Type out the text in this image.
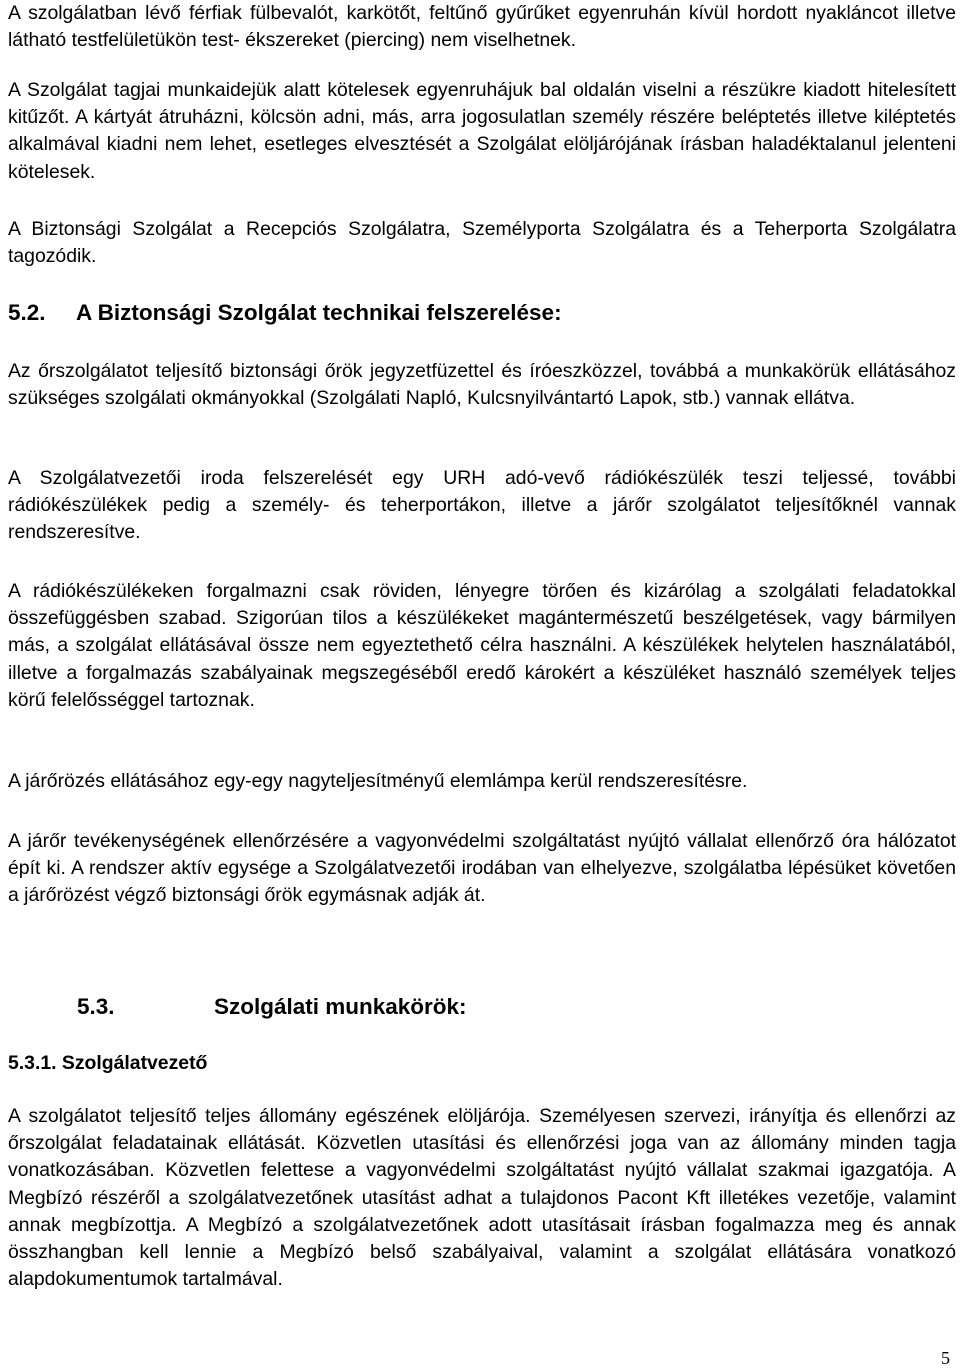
A szolgálatban lévő férfiak fülbevalót, karkötőt, feltűnő gyűrűket egyenruhán kívül hordott nyakláncot illetve látható testfelületükön test- ékszereket (piercing) nem viselhetnek.

A Szolgálat tagjai munkaidejük alatt kötelesek egyenruhájuk bal oldalán viselni a részükre kiadott hitelesített kitűzőt. A kártyát átruházni, kölcsön adni, más, arra jogosulatlan személy részére beléptetés illetve kiléptetés alkalmával kiadni nem lehet, esetleges elvesztését a Szolgálat elöljárójának írásban haladéktalanul jelenteni kötelesek.

A Biztonsági Szolgálat a Recepciós Szolgálatra, Személyporta Szolgálatra és a Teherporta Szolgálatra tagozódik.

5.2. A Biztonsági Szolgálat technikai felszerelése:

Az őrszolgálatot teljesítő biztonsági őrök jegyzetfüzettel és íróeszközzel, továbbá a munkakörük ellátásához szükséges szolgálati okmányokkal (Szolgálati Napló, Kulcsnyilvántartó Lapok, stb.) vannak ellátva.

A Szolgálatvezetői iroda felszerelését egy URH adó-vevő rádiókészülék teszi teljessé, további rádiókészülékek pedig a személy- és teherportákon, illetve a járőr szolgálatot teljesítőknél vannak rendszeresítve.

A rádiókészülékeken forgalmazni csak röviden, lényegre törően és kizárólag a szolgálati feladatokkal összefüggésben szabad. Szigorúan tilos a készülékeket magántermészetű beszélgetések, vagy bármilyen más, a szolgálat ellátásával össze nem egyeztethető célra használni. A készülékek helytelen használatából, illetve a forgalmazás szabályainak megszegéséből eredő károkért a készüléket használó személyek teljes körű felelősséggel tartoznak.

A járőrözés ellátásához egy-egy nagyteljesítményű elemlámpa kerül rendszeresítésre.

A járőr tevékenységének ellenőrzésére a vagyonvédelmi szolgáltatást nyújtó vállalat ellenőrző óra hálózatot épít ki. A rendszer aktív egysége a Szolgálatvezetői irodában van elhelyezve, szolgálatba lépésüket követően a járőrözést végző biztonsági őrök egymásnak adják át.

5.3.	Szolgálati munkakörök:
5.3.1. Szolgálatvezető

A szolgálatot teljesítő teljes állomány egészének elöljárója. Személyesen szervezi, irányítja és ellenőrzi az őrszolgálat feladatainak ellátását. Közvetlen utasítási és ellenőrzési joga van az állomány minden tagja vonatkozásában. Közvetlen felettese a vagyonvédelmi szolgáltatást nyújtó vállalat szakmai igazgatója. A Megbízó részéről a szolgálatvezetőnek utasítást adhat a tulajdonos Pacont Kft illetékes vezetője, valamint annak megbízottja. A Megbízó a szolgálatvezetőnek adott utasításait írásban fogalmazza meg és annak összhangban kell lennie a Megbízó belső szabályaival, valamint a szolgálat ellátására vonatkozó alapdokumentumok tartalmával.

5
